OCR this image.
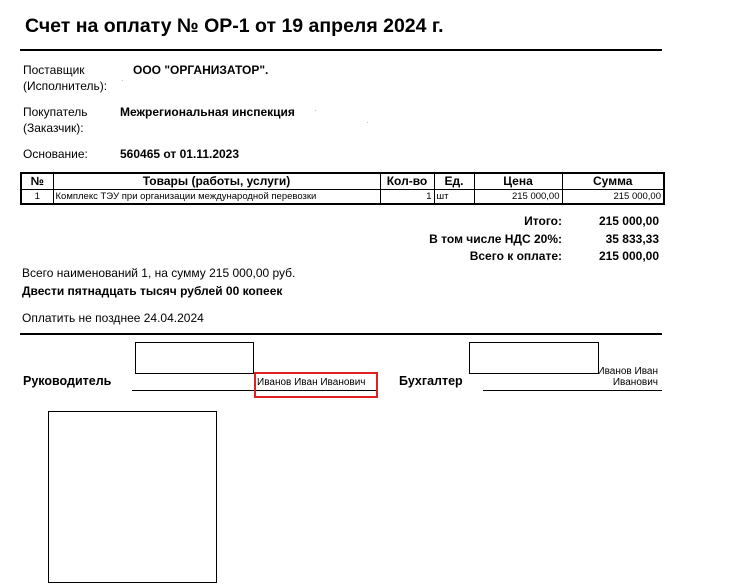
Счет на оплату № ОР-1 от 19 апреля 2024 г.
Поставщик
(Исполнитель):
ООО "ОРГАНИЗАТОР".
·
Покупатель
(Заказчик):
Межрегиональная инспекция ·
·
Основание:	560465 от 01.11.2023
№	Товары (работы, услуги)	Кол-во	Ед.	Цена	Сумма
1	Комплекс ТЭУ при организации международной перевозки	1	шт	215 000,00	215 000,00
Итого:	215 000,00
В том числе НДС 20%:	35 833,33
Всего к оплате:	215 000,00
Всего наименований 1, на сумму 215 000,00 руб.
Двести пятнадцать тысяч рублей 00 копеек
Оплатить не позднее 24.04.2024
Руководитель	Иванов Иван Иванович	Бухгалтер
Иванов Иван
Иванович
